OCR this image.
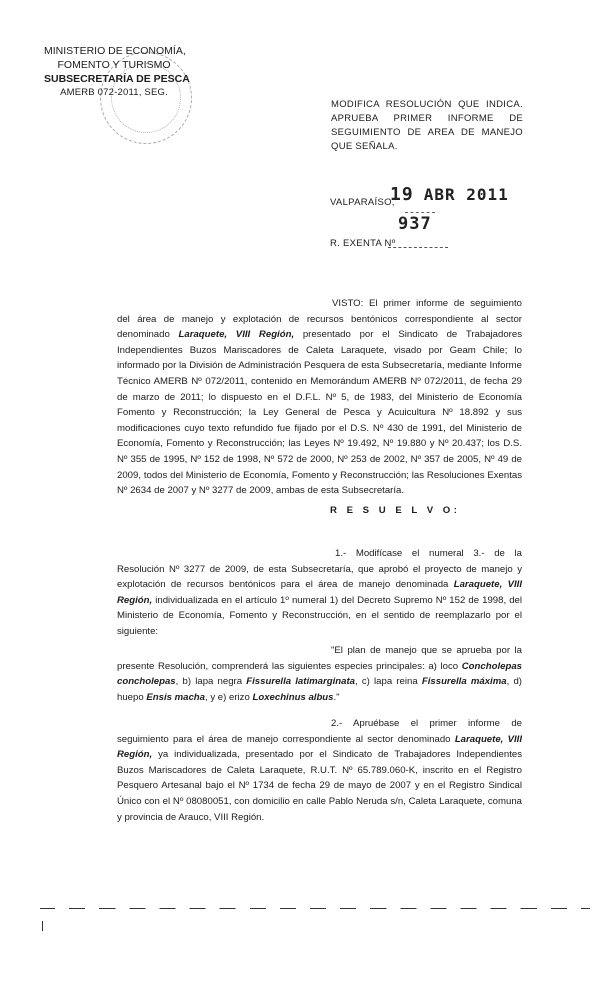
MINISTERIO DE ECONOMÍA,
FOMENTO Y TURISMO
SUBSECRETARÍA DE PESCA
AMERB 072-2011, SEG.
MODIFICA RESOLUCIÓN QUE INDICA. APRUEBA PRIMER INFORME DE SEGUIMIENTO DE AREA DE MANEJO QUE SEÑALA.
VALPARAÍSO,
19 ABR 2011
937
R. EXENTA Nº
VISTO: El primer informe de seguimiento del área de manejo y explotación de recursos bentónicos correspondiente al sector denominado Laraquete, VIII Región, presentado por el Sindicato de Trabajadores Independientes Buzos Mariscadores de Caleta Laraquete, visado por Geam Chile; lo informado por la División de Administración Pesquera de esta Subsecretaría, mediante Informe Técnico AMERB Nº 072/2011, contenido en Memorándum AMERB Nº 072/2011, de fecha 29 de marzo de 2011; lo dispuesto en el D.F.L. Nº 5, de 1983, del Ministerio de Economía Fomento y Reconstrucción; la Ley General de Pesca y Acuicultura Nº 18.892 y sus modificaciones cuyo texto refundido fue fijado por el D.S. Nº 430 de 1991, del Ministerio de Economía, Fomento y Reconstrucción; las Leyes Nº 19.492, Nº 19.880 y Nº 20.437; los D.S. Nº 355 de 1995, Nº 152 de 1998, Nº 572 de 2000, Nº 253 de 2002, Nº 357 de 2005, Nº 49 de 2009, todos del Ministerio de Economía, Fomento y Reconstrucción; las Resoluciones Exentas Nº 2634 de 2007 y Nº 3277 de 2009, ambas de esta Subsecretaría.
R E S U E L V O:
1.- Modifícase el numeral 3.- de la Resolución Nº 3277 de 2009, de esta Subsecretaría, que aprobó el proyecto de manejo y explotación de recursos bentónicos para el área de manejo denominada Laraquete, VIII Región, individualizada en el artículo 1º numeral 1) del Decreto Supremo Nº 152 de 1998, del Ministerio de Economía, Fomento y Reconstrucción, en el sentido de reemplazarlo por el siguiente:
"El plan de manejo que se aprueba por la presente Resolución, comprenderá las siguientes especies principales: a) loco Concholepas concholepas, b) lapa negra Fissurella latimarginata, c) lapa reina Fissurella máxima, d) huepo Ensis macha, y e) erizo Loxechinus albus."
2.- Apruébase el primer informe de seguimiento para el área de manejo correspondiente al sector denominado Laraquete, VIII Región, ya individualizada, presentado por el Sindicato de Trabajadores Independientes Buzos Mariscadores de Caleta Laraquete, R.U.T. Nº 65.789.060-K, inscrito en el Registro Pesquero Artesanal bajo el Nº 1734 de fecha 29 de mayo de 2007 y en el Registro Sindical Único con el Nº 08080051, con domicilio en calle Pablo Neruda s/n, Caleta Laraquete, comuna y provincia de Arauco, VIII Región.
